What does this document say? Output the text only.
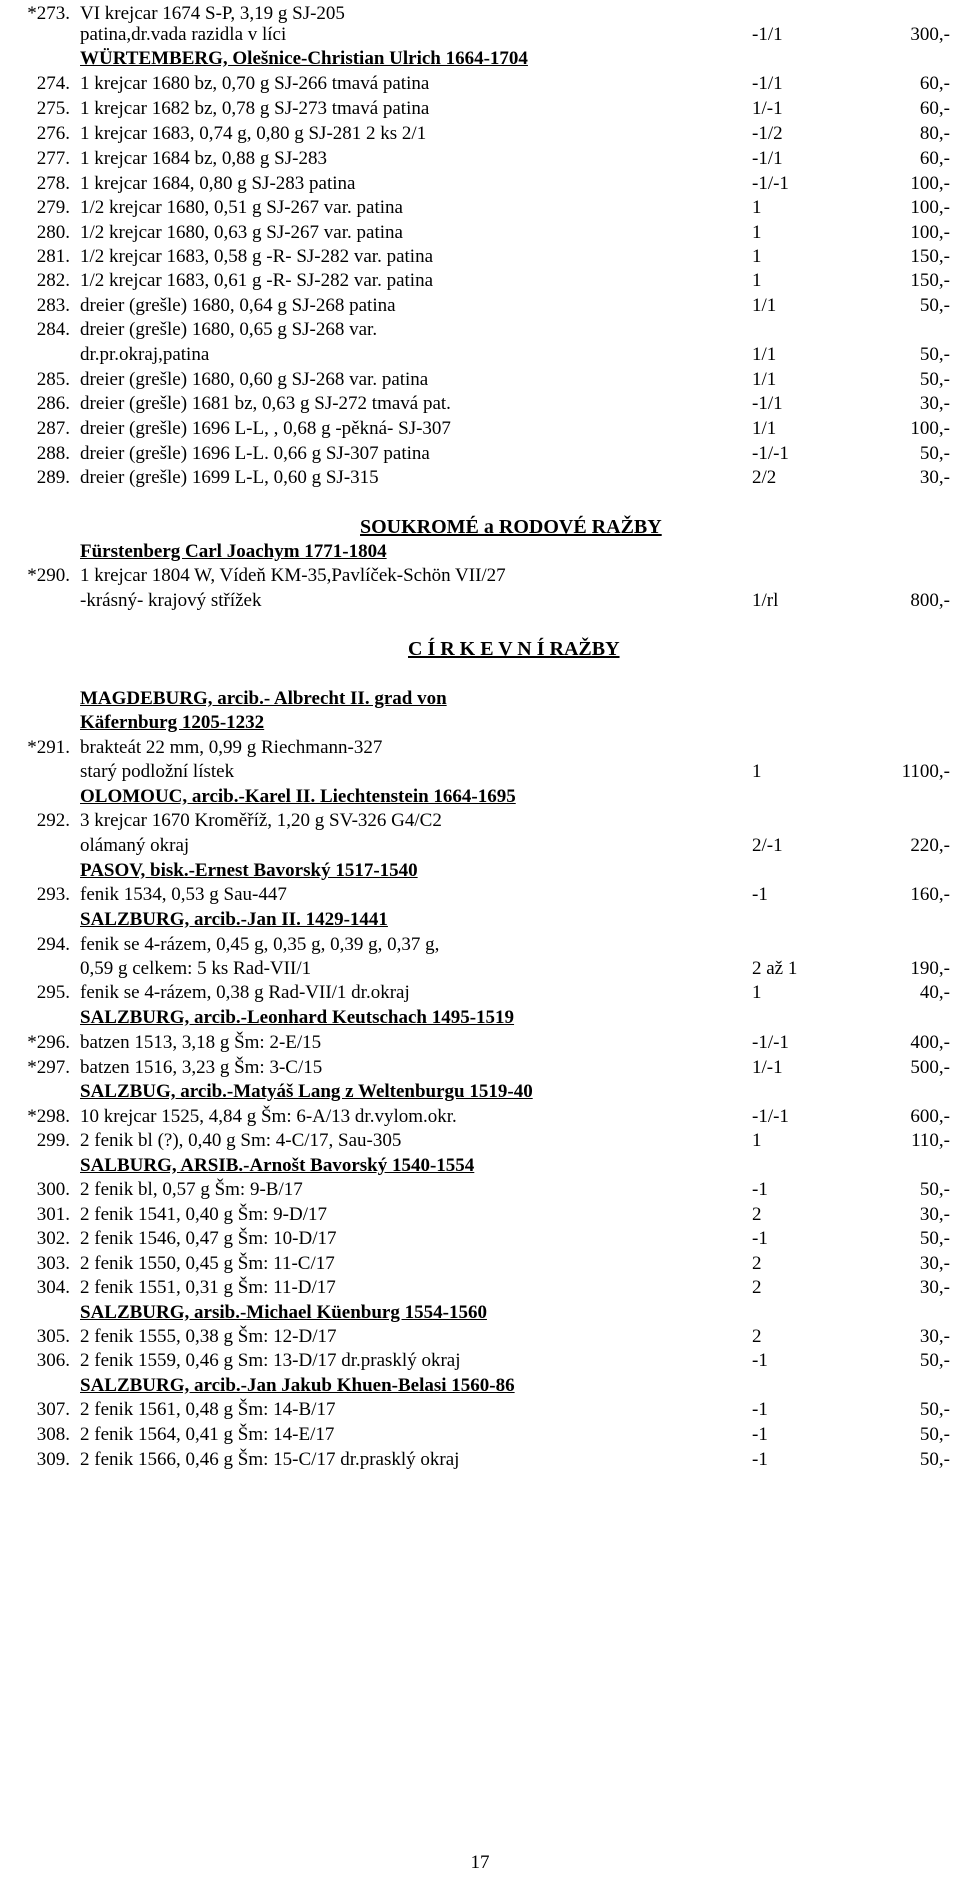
*273. VI krejcar 1674 S-P, 3,19 g SJ-205
patina,dr.vada razidla v líci	-1/1	300,-
WÜRTEMBERG, Olešnice-Christian Ulrich 1664-1704
274. 1 krejcar 1680 bz, 0,70 g SJ-266 tmavá patina	-1/1	60,-
275. 1 krejcar 1682 bz, 0,78 g SJ-273 tmavá patina	1/-1	60,-
276. 1 krejcar 1683, 0,74 g, 0,80 g SJ-281 2 ks 2/1	-1/2	80,-
277. 1 krejcar 1684 bz, 0,88 g SJ-283	-1/1	60,-
278. 1 krejcar 1684, 0,80 g SJ-283 patina	-1/-1	100,-
279. 1/2 krejcar 1680, 0,51 g SJ-267 var. patina	1	100,-
280. 1/2 krejcar 1680, 0,63 g SJ-267 var. patina	1	100,-
281. 1/2 krejcar 1683, 0,58 g -R- SJ-282 var. patina	1	150,-
282. 1/2 krejcar 1683, 0,61 g -R- SJ-282 var. patina	1	150,-
283. dreier (grešle) 1680, 0,64 g SJ-268 patina	1/1	50,-
284. dreier (grešle) 1680, 0,65 g SJ-268 var.
dr.pr.okraj,patina	1/1	50,-
285. dreier (grešle) 1680, 0,60 g SJ-268 var. patina	1/1	50,-
286. dreier (grešle) 1681 bz, 0,63 g SJ-272 tmavá pat.	-1/1	30,-
287. dreier (grešle) 1696 L-L, , 0,68 g -pěkná- SJ-307	1/1	100,-
288. dreier (grešle) 1696 L-L. 0,66 g SJ-307 patina	-1/-1	50,-
289. dreier (grešle) 1699 L-L, 0,60 g SJ-315	2/2	30,-
SOUKROMÉ a RODOVÉ RAŽBY
Fürstenberg Carl Joachym 1771-1804
*290. 1 krejcar 1804 W, Vídeň KM-35,Pavlíček-Schön VII/27
-krásný- krajový střížek	1/rl	800,-
C Í R K E V N Í RAŽBY
MAGDEBURG, arcib.- Albrecht II. grad von
Käfernburg 1205-1232
*291. brakteát 22 mm, 0,99 g Riechmann-327
starý podložní lístek	1	1100,-
OLOMOUC, arcib.-Karel II. Liechtenstein 1664-1695
292. 3 krejcar 1670 Kroměříž, 1,20 g SV-326 G4/C2
olámaný okraj	2/-1	220,-
PASOV, bisk.-Ernest Bavorský 1517-1540
293. fenik 1534, 0,53 g Sau-447	-1	160,-
SALZBURG, arcib.-Jan II. 1429-1441
294. fenik se 4-rázem, 0,45 g, 0,35 g, 0,39 g, 0,37 g,
0,59 g celkem: 5 ks Rad-VII/1	2 až 1	190,-
295. fenik se 4-rázem, 0,38 g Rad-VII/1 dr.okraj	1	40,-
SALZBURG, arcib.-Leonhard Keutschach 1495-1519
*296. batzen 1513, 3,18 g Šm: 2-E/15	-1/-1	400,-
*297. batzen 1516, 3,23 g Šm: 3-C/15	1/-1	500,-
SALZBUG, arcib.-Matyáš Lang z Weltenburgu 1519-40
*298. 10 krejcar 1525, 4,84 g Šm: 6-A/13 dr.vylom.okr.	-1/-1	600,-
299. 2 fenik bl (?), 0,40 g Sm: 4-C/17, Sau-305	1	110,-
SALBURG, ARSIB.-Arnošt Bavorský 1540-1554
300. 2 fenik bl, 0,57 g Šm: 9-B/17	-1	50,-
301. 2 fenik 1541, 0,40 g Šm: 9-D/17	2	30,-
302. 2 fenik 1546, 0,47 g Šm: 10-D/17	-1	50,-
303. 2 fenik 1550, 0,45 g Šm: 11-C/17	2	30,-
304. 2 fenik 1551, 0,31 g Šm: 11-D/17	2	30,-
SALZBURG, arsib.-Michael Küenburg 1554-1560
305. 2 fenik 1555, 0,38 g Šm: 12-D/17	2	30,-
306. 2 fenik 1559, 0,46 g Sm: 13-D/17 dr.prasklý okraj	-1	50,-
SALZBURG, arcib.-Jan Jakub Khuen-Belasi 1560-86
307. 2 fenik 1561, 0,48 g Šm: 14-B/17	-1	50,-
308. 2 fenik 1564, 0,41 g Šm: 14-E/17	-1	50,-
309. 2 fenik 1566, 0,46 g Šm: 15-C/17 dr.prasklý okraj	-1	50,-
17
